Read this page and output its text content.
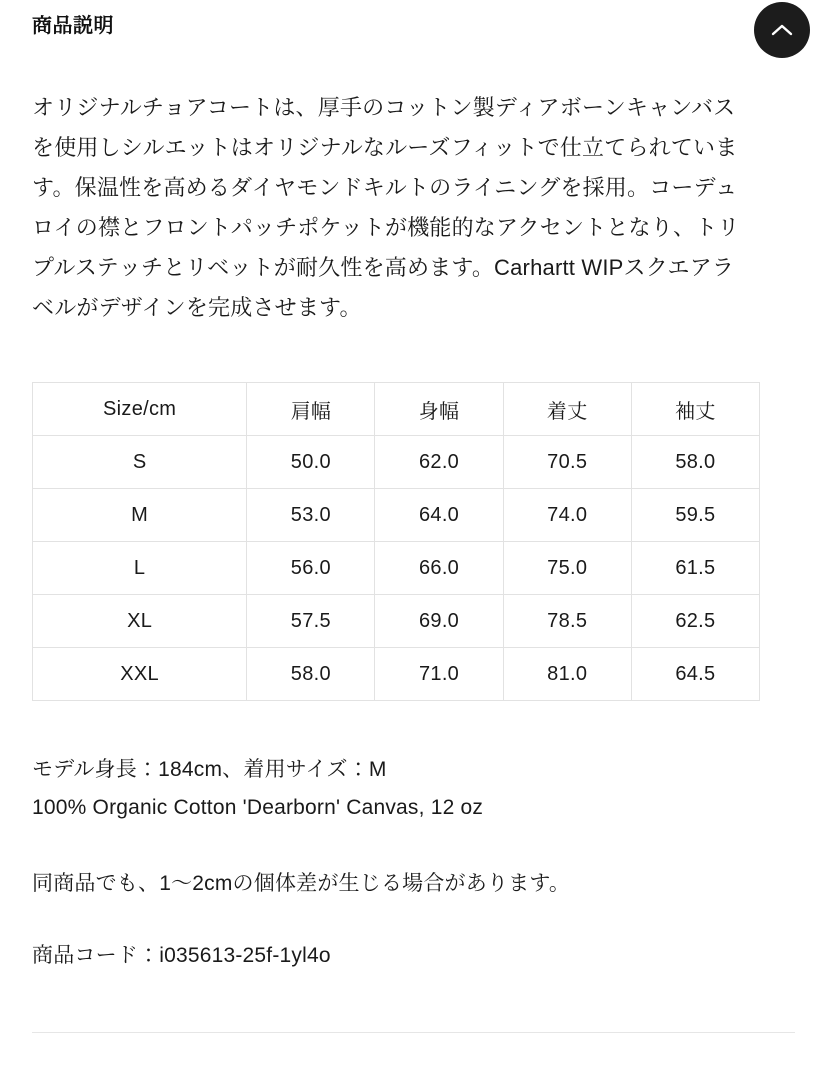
商品説明

オリジナルチョアコートは、厚手のコットン製ディアボーンキャンバスを使用しシルエットはオリジナルなルーズフィットで仕立てられています。保温性を高めるダイヤモンドキルトのライニングを採用。コーデュロイの襟とフロントパッチポケットが機能的なアクセントとなり、トリプルステッチとリベットが耐久性を高めます。Carhartt WIPスクエアラベルがデザインを完成させます。

Size/cm	肩幅	身幅	着丈	袖丈
S	50.0	62.0	70.5	58.0
M	53.0	64.0	74.0	59.5
L	56.0	66.0	75.0	61.5
XL	57.5	69.0	78.5	62.5
XXL	58.0	71.0	81.0	64.5
モデル身長：184cm、着用サイズ：M
100% Organic Cotton 'Dearborn' Canvas, 12 oz
同商品でも、1〜2cmの個体差が生じる場合があります。
商品コード：i035613-25f-1yl4o
